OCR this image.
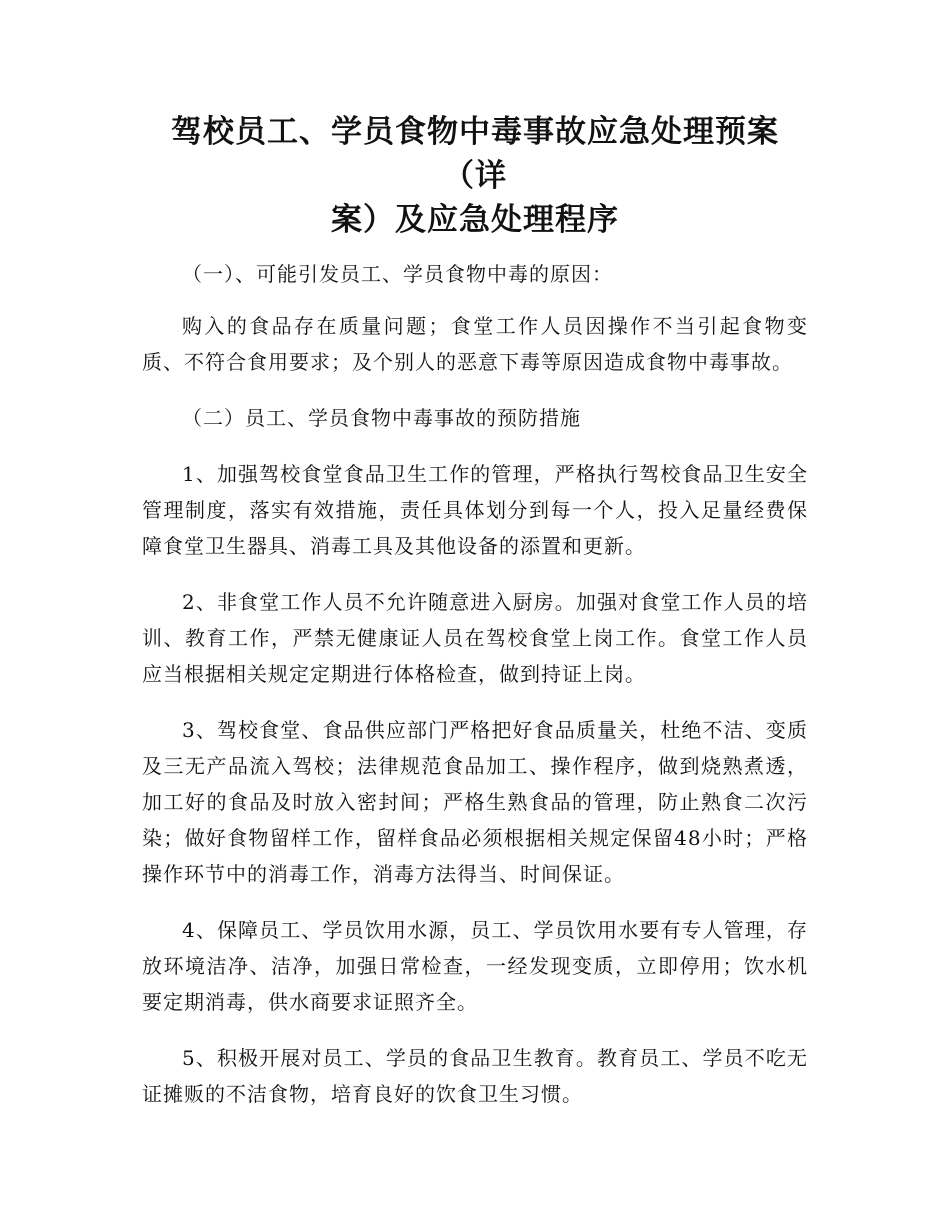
驾校员工、学员食物中毒事故应急处理预案（详
案）及应急处理程序

（一）、可能引发员工、学员食物中毒的原因：

购入的食品存在质量问题；食堂工作人员因操作不当引起食物变质、不符合食用要求；及个别人的恶意下毒等原因造成食物中毒事故。

（二）员工、学员食物中毒事故的预防措施

1、加强驾校食堂食品卫生工作的管理，严格执行驾校食品卫生安全管理制度，落实有效措施，责任具体划分到每一个人，投入足量经费保障食堂卫生器具、消毒工具及其他设备的添置和更新。

2、非食堂工作人员不允许随意进入厨房。加强对食堂工作人员的培训、教育工作，严禁无健康证人员在驾校食堂上岗工作。食堂工作人员应当根据相关规定定期进行体格检查，做到持证上岗。

3、驾校食堂、食品供应部门严格把好食品质量关，杜绝不洁、变质及三无产品流入驾校；法律规范食品加工、操作程序，做到烧熟煮透，加工好的食品及时放入密封间；严格生熟食品的管理，防止熟食二次污染；做好食物留样工作，留样食品必须根据相关规定保留48小时；严格操作环节中的消毒工作，消毒方法得当、时间保证。

4、保障员工、学员饮用水源，员工、学员饮用水要有专人管理，存放环境洁净、洁净，加强日常检查，一经发现变质，立即停用；饮水机要定期消毒，供水商要求证照齐全。

5、积极开展对员工、学员的食品卫生教育。教育员工、学员不吃无证摊贩的不洁食物，培育良好的饮食卫生习惯。
